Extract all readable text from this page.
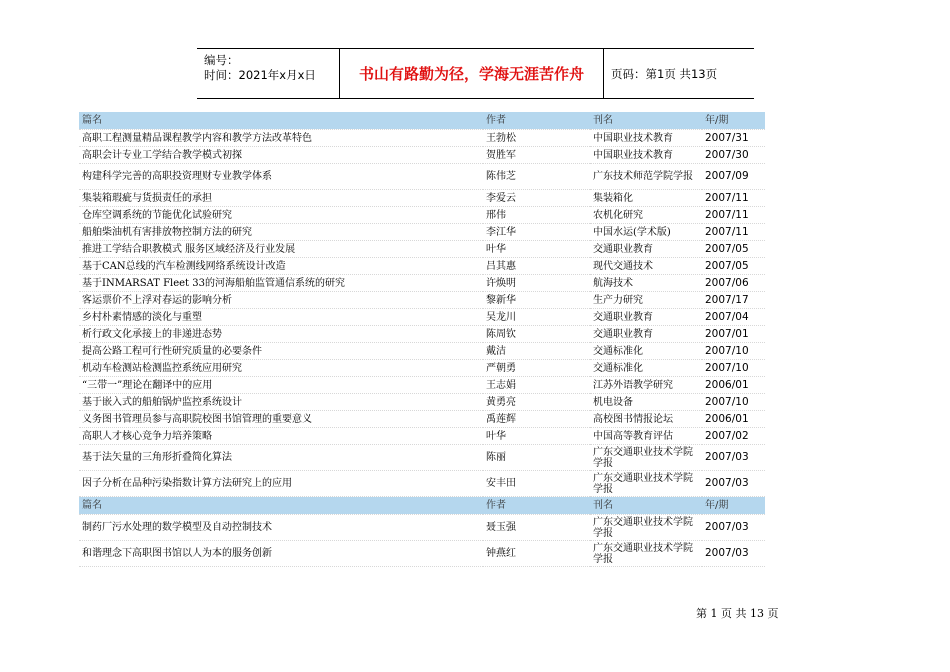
编号：
时间：2021年x月x日	书山有路勤为径，学海无涯苦作舟	页码：第1页 共13页
篇名	作者	刊名	年/期
高职工程测量精品课程教学内容和教学方法改革特色	王勃松	中国职业技术教育	2007/31
高职会计专业工学结合教学模式初探	贺胜军	中国职业技术教育	2007/30
构建科学完善的高职投资理财专业教学体系	陈伟芝	广东技术师范学院学报	2007/09
集装箱瑕疵与货损责任的承担	李爱云	集装箱化	2007/11
仓库空调系统的节能优化试验研究	邢伟	农机化研究	2007/11
船舶柴油机有害排放物控制方法的研究	李江华	中国水运(学术版)	2007/11
推进工学结合职教模式 服务区域经济及行业发展	叶华	交通职业教育	2007/05
基于CAN总线的汽车检测线网络系统设计改造	吕其惠	现代交通技术	2007/05
基于INMARSAT Fleet 33的河海船舶监管通信系统的研究	许焕明	航海技术	2007/06
客运票价不上浮对春运的影响分析	黎新华	生产力研究	2007/17
乡村朴素情感的淡化与重塑	吴龙川	交通职业教育	2007/04
析行政文化承接上的非递进态势	陈周钦	交通职业教育	2007/01
提高公路工程可行性研究质量的必要条件	戴洁	交通标准化	2007/10
机动车检测站检测监控系统应用研究	严朝勇	交通标准化	2007/10
“三带一”理论在翻译中的应用	王志娟	江苏外语教学研究	2006/01
基于嵌入式的船舶锅炉监控系统设计	黄勇亮	机电设备	2007/10
义务图书管理员参与高职院校图书馆管理的重要意义	禹莲辉	高校图书情报论坛	2006/01
高职人才核心竞争力培养策略	叶华	中国高等教育评估	2007/02
基于法矢量的三角形折叠简化算法	陈丽	广东交通职业技术学院学报	2007/03
因子分析在品种污染指数计算方法研究上的应用	安丰田	广东交通职业技术学院学报	2007/03
篇名	作者	刊名	年/期
制药厂污水处理的数学模型及自动控制技术	聂玉强	广东交通职业技术学院学报	2007/03
和谐理念下高职图书馆以人为本的服务创新	钟燕红	广东交通职业技术学院学报	2007/03
第 1 页 共 13 页
